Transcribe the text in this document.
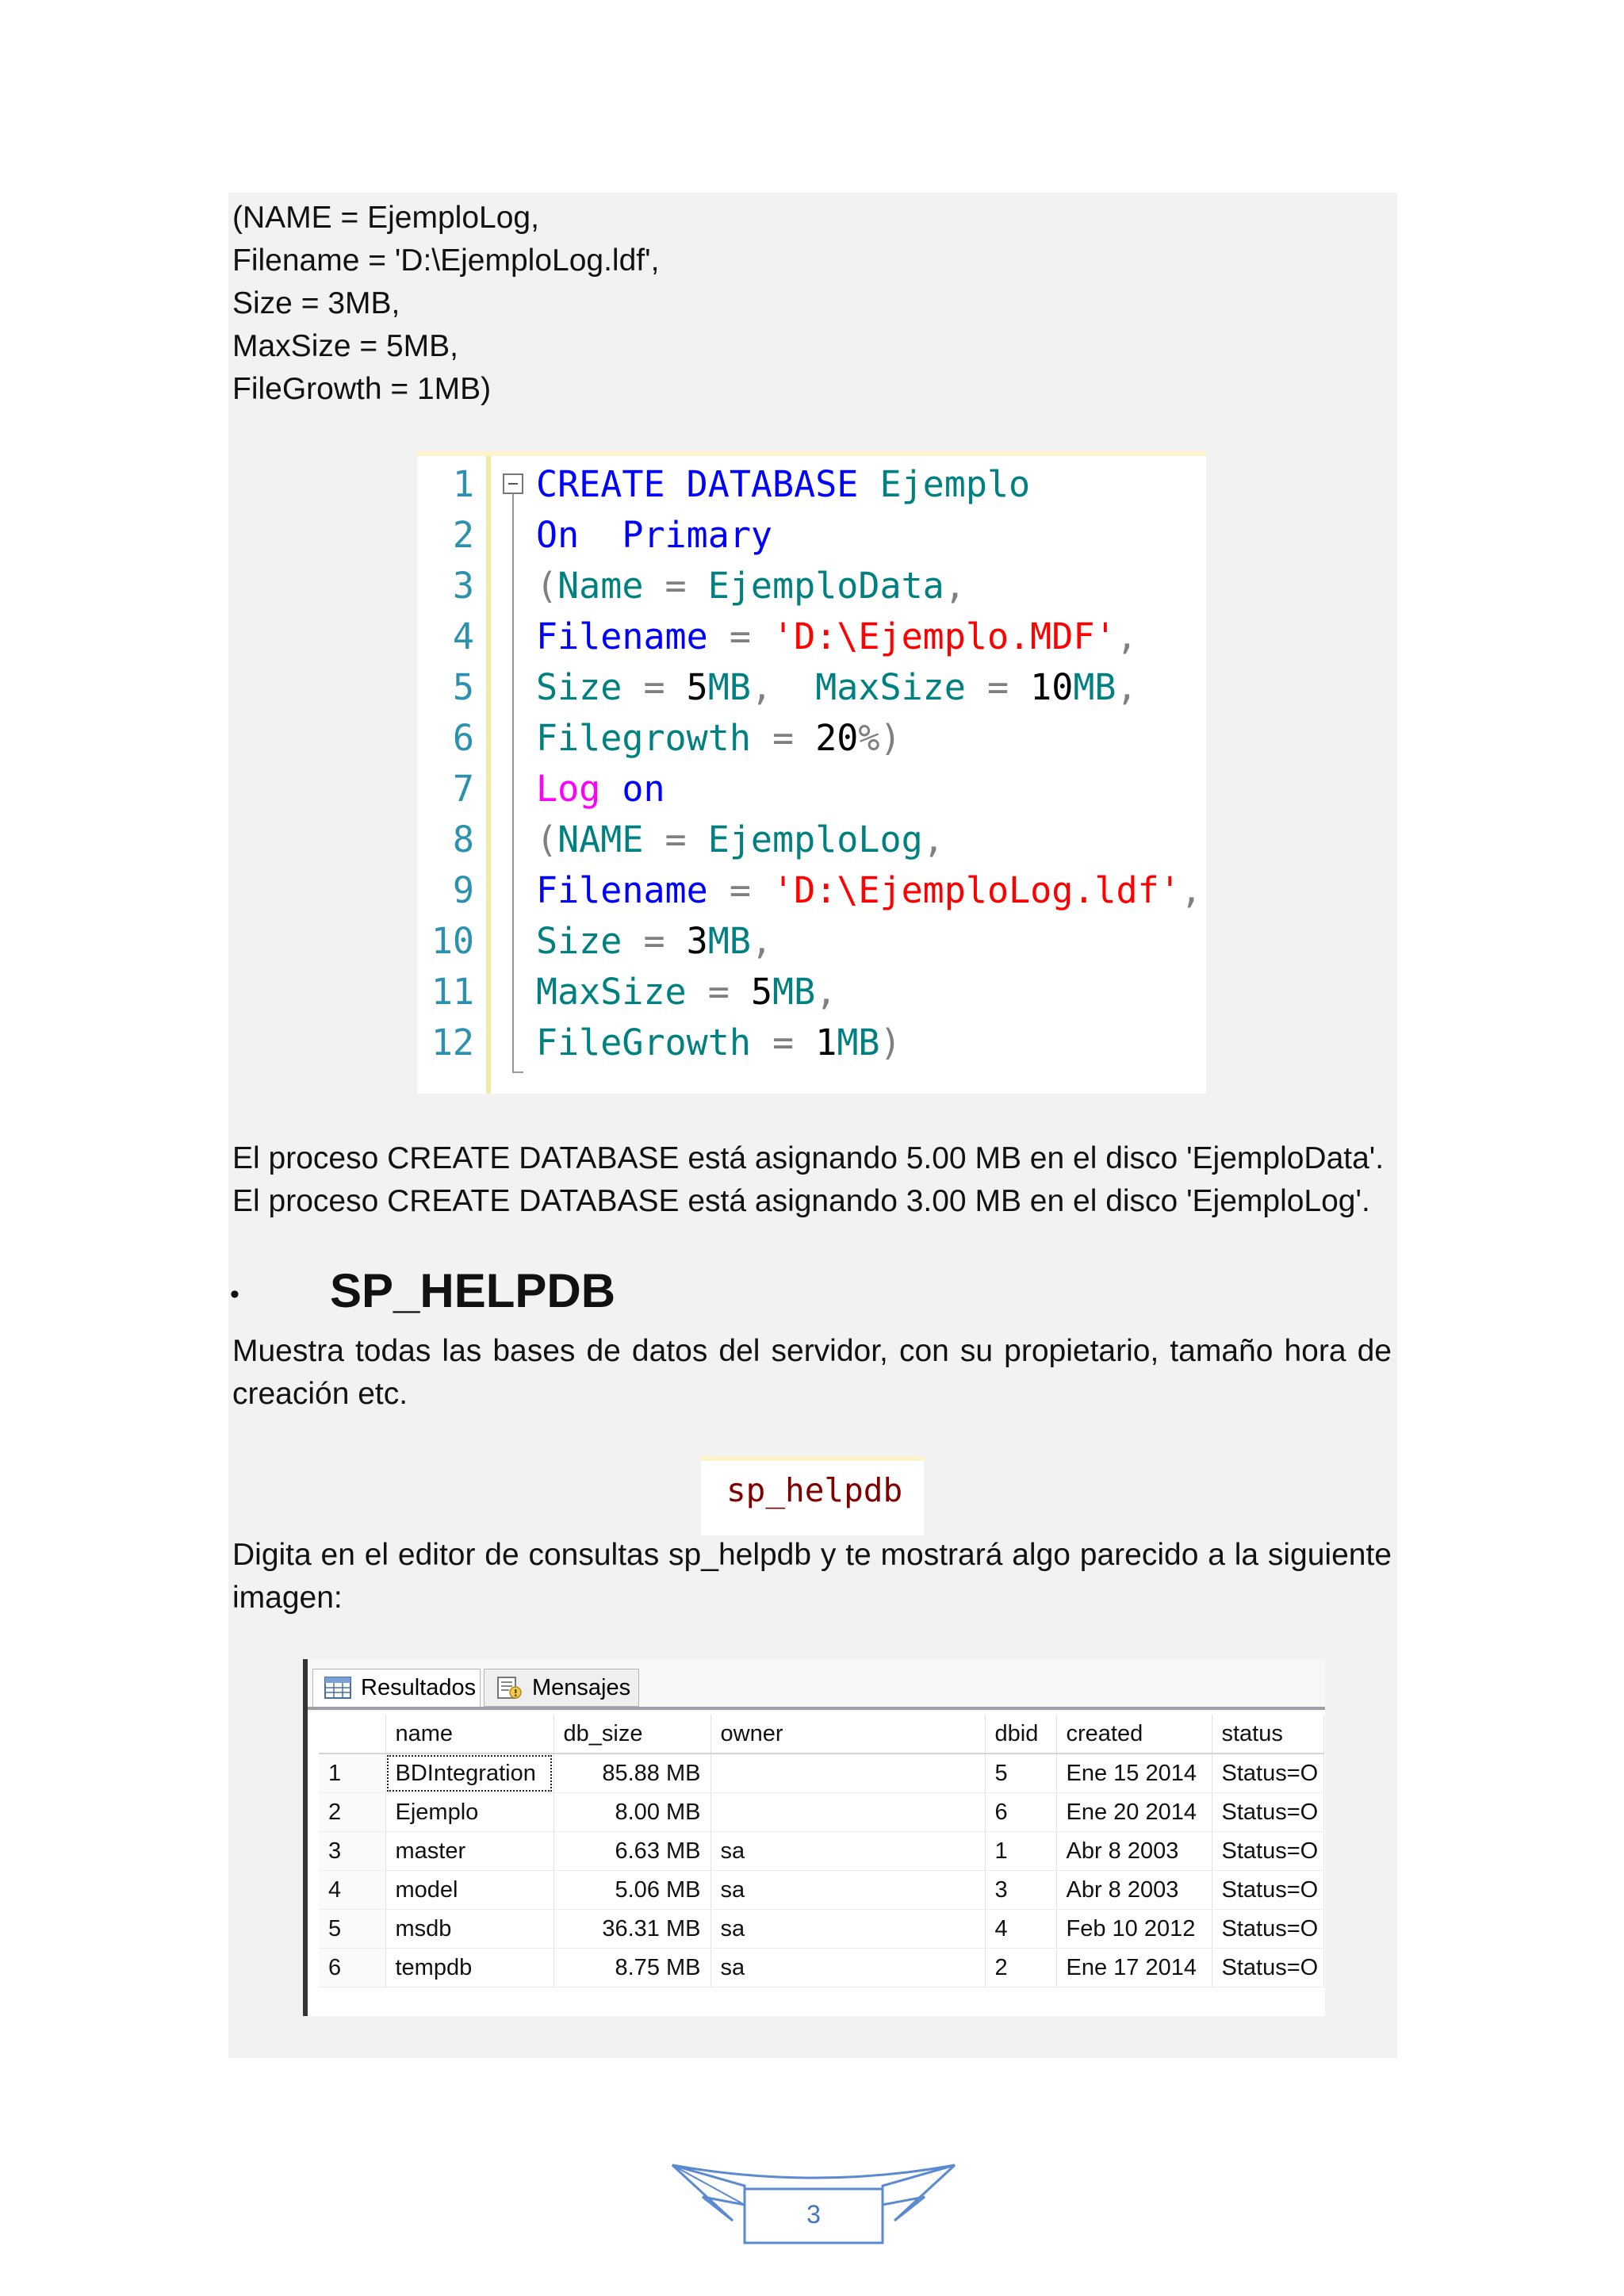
(NAME = EjemploLog,
Filename = 'D:\EjemploLog.ldf',
Size = 3MB,
MaxSize = 5MB,
FileGrowth = 1MB)
1
2
3
4
5
6
7
8
9
10
11
12
CREATE DATABASE Ejemplo
On  Primary
(Name = EjemploData,
Filename = 'D:\Ejemplo.MDF',
Size = 5MB,  MaxSize = 10MB,
Filegrowth = 20%)
Log on
(NAME = EjemploLog,
Filename = 'D:\EjemploLog.ldf',
Size = 3MB,
MaxSize = 5MB,
FileGrowth = 1MB)
El proceso CREATE DATABASE está asignando 5.00 MB en el disco 'EjemploData'.
El proceso CREATE DATABASE está asignando 3.00 MB en el disco 'EjemploLog'.
• SP_HELPDB
Muestra todas las bases de datos del servidor, con su propietario, tamaño hora de
creación etc.
sp_helpdb
Digita en el editor de consultas sp_helpdb y te mostrará algo parecido a la siguiente
imagen:
Resultados	Mensajes
	name	db_size	owner	dbid	created	status
1	BDIntegration	85.88 MB		5	Ene 15 2014	Status=O
2	Ejemplo	8.00 MB		6	Ene 20 2014	Status=O
3	master	6.63 MB	sa	1	Abr 8 2003	Status=O
4	model	5.06 MB	sa	3	Abr 8 2003	Status=O
5	msdb	36.31 MB	sa	4	Feb 10 2012	Status=O
6	tempdb	8.75 MB	sa	2	Ene 17 2014	Status=O
3
